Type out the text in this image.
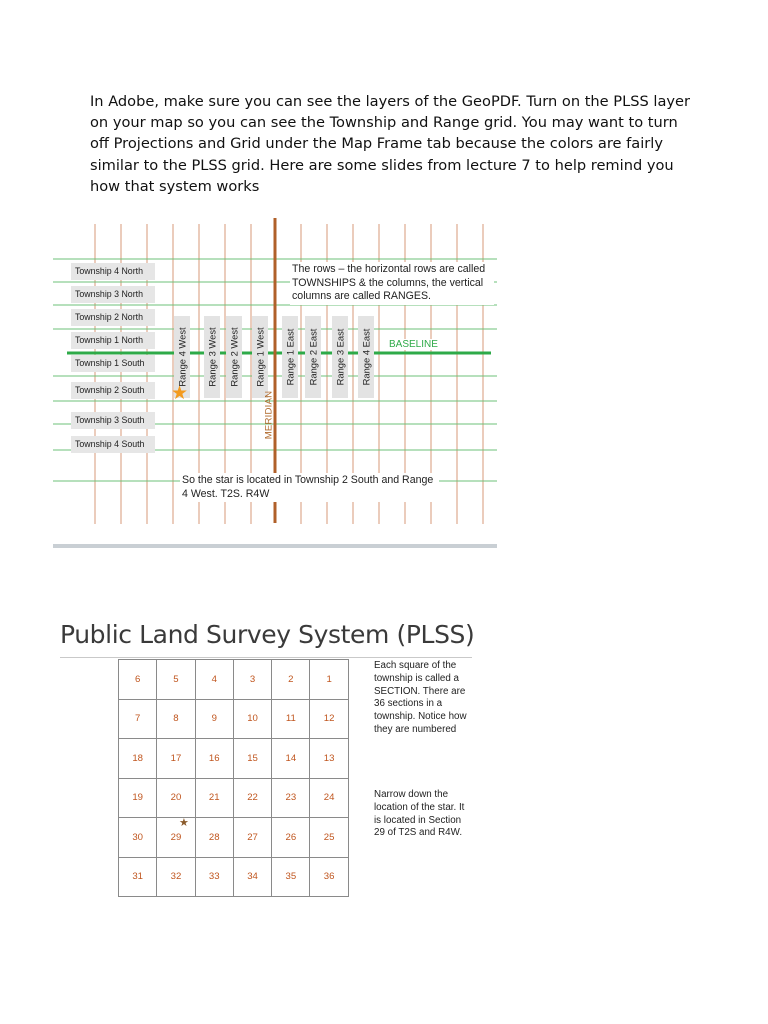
In Adobe, make sure you can see the layers of the GeoPDF. Turn on the PLSS layer on your map so you can see the Township and Range grid. You may want to turn off Projections and Grid under the Map Frame tab because the colors are fairly similar to the PLSS grid. Here are some slides from lecture 7 to help remind you how that system works

Township 4 North
Township 3 North
Township 2 North
Township 1 North
Township 1 South
Township 2 South
Township 3 South
Township 4 South
Range 4 West Range 3 West Range 2 West Range 1 West Range 1 East Range 2 East Range 3 East Range 4 East
The rows – the horizontal rows are called TOWNSHIPS & the columns, the vertical columns are called RANGES.
BASELINE
MERIDIAN
★
So the star is located in Township 2 South and Range 4 West. T2S. R4W
Public Land Survey System (PLSS)
6	5	4	3	2	1
7	8	9	10	11	12
18	17	16	15	14	13
19	20	21	22	23	24
30	29	28	27	26	25
31	32	33	34	35	36
★
Each square of the township is called a SECTION. There are 36 sections in a township. Notice how they are numbered
Narrow down the location of the star. It is located in Section 29 of T2S and R4W.
